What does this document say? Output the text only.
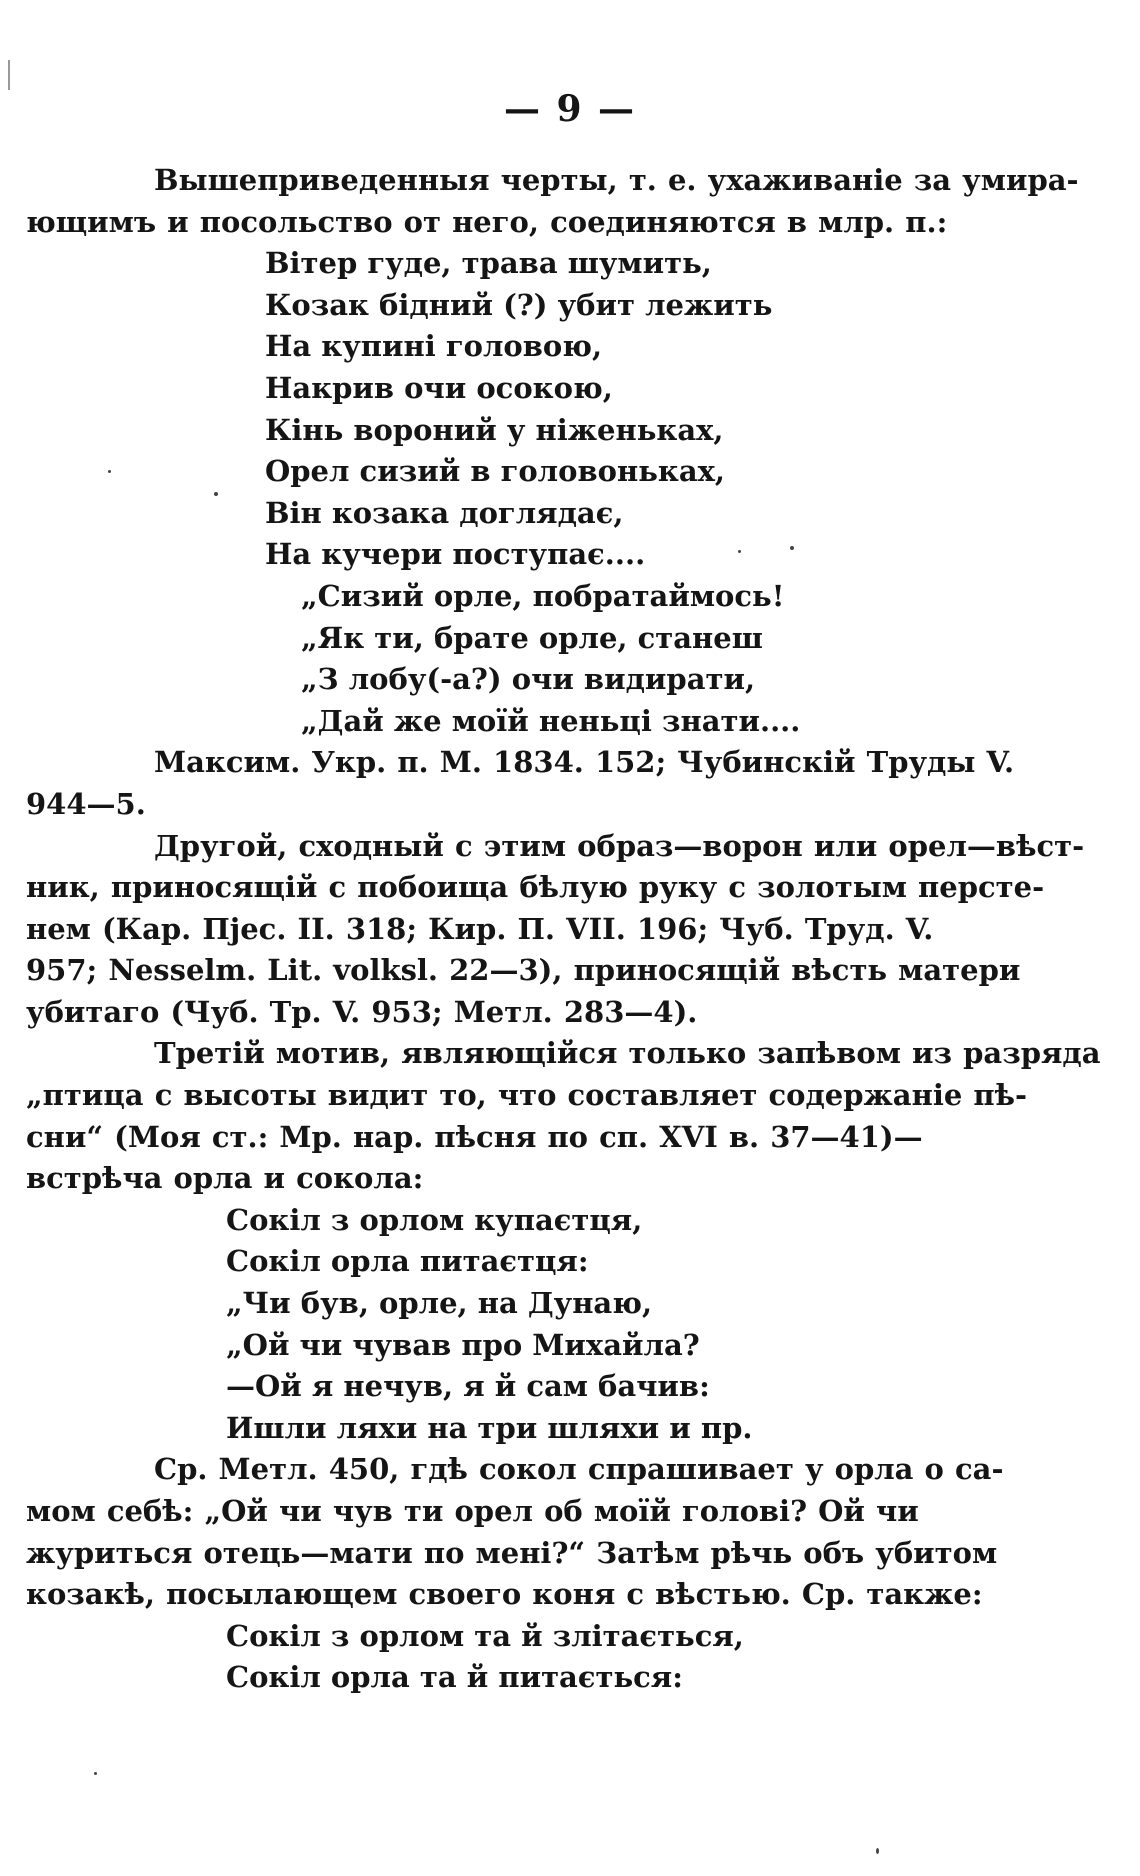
— 9 —

Вышеприведенныя черты, т. е. ухаживаніе за умира-
ющимъ и посольство от него, соединяются в млр. п.:

Вітер гуде, трава шумить,
Козак бідний (?) убит лежить
На купині головою,
Накрив очи осокою,
Кінь вороний у ніженьках,
Орел сизий в головоньках,
Він козака доглядає,
На кучери поступає....
„Сизий орле, побратаймось!
„Як ти, брате орле, станеш
„З лобу(-а?) очи видирати,
„Дай же моїй неньці знати....

Максим. Укр. п. М. 1834. 152; Чубинскій Труды V.
944—5.

Другой, сходный с этим образ—ворон или орел—вѣст-
ник, приносящій с побоища бѣлую руку с золотым персте-
нем (Кар. Пјес. II. 318; Кир. П. VII. 196; Чуб. Труд. V.
957; Nesselm. Lit. volksl. 22—3), приносящій вѣсть матери
убитаго (Чуб. Тр. V. 953; Метл. 283—4).

Третій мотив, являющійся только запѣвом из разряда
„птица с высоты видит то, что составляет содержаніе пѣ-
сни“ (Моя ст.: Мр. нар. пѣсня по сп. XVI в. 37—41)—
встрѣча орла и сокола:

Сокіл з орлом купаєтця,
Сокіл орла питаєтця:
„Чи був, орле, на Дунаю,
„Ой чи чував про Михайла?
—Ой я нечув, я й сам бачив:
Ишли ляхи на три шляхи и пр.

Ср. Метл. 450, гдѣ сокол спрашивает у орла о са-
мом себѣ: „Ой чи чув ти орел об моїй голові? Ой чи
журиться отець—мати по мені?“ Затѣм рѣчь объ убитом
козакѣ, посылающем своего коня с вѣстью. Ср. также:

Сокіл з орлом та й злітається,
Сокіл орла та й питається:
